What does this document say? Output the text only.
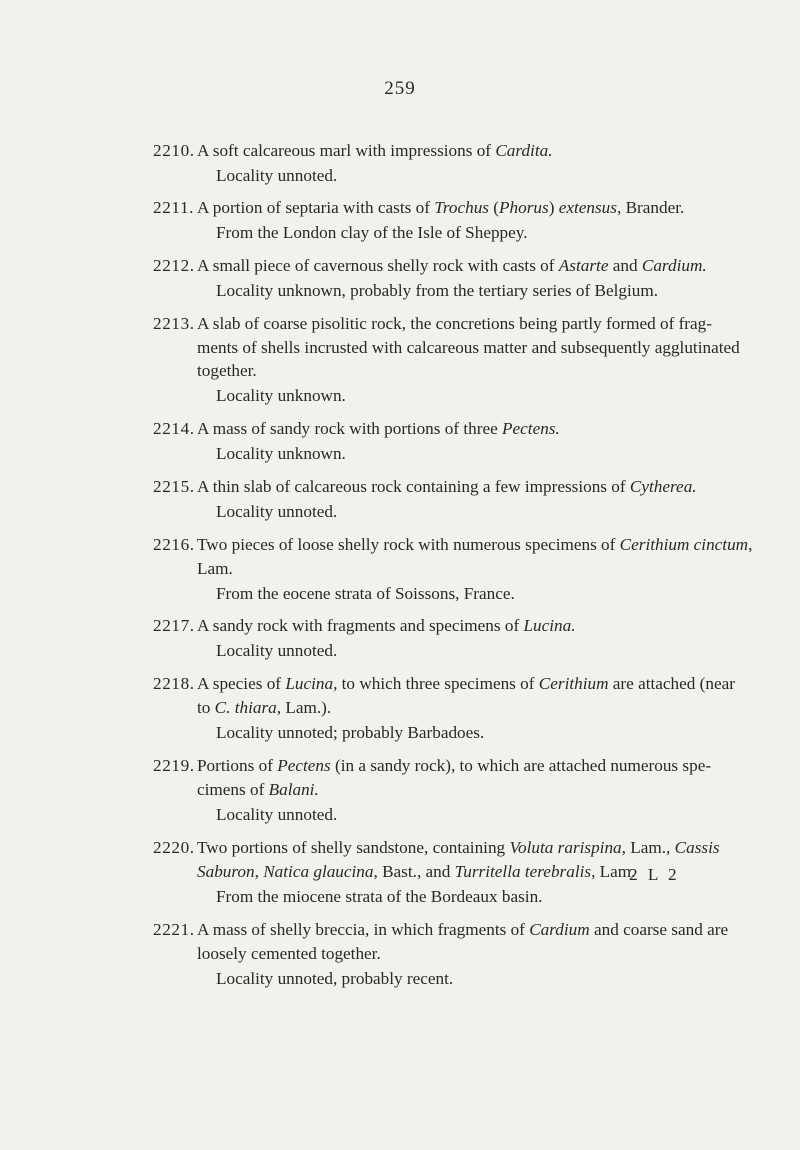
259
2210. A soft calcareous marl with impressions of Cardita.
Locality unnoted.
2211. A portion of septaria with casts of Trochus (Phorus) extensus, Brander.
From the London clay of the Isle of Sheppey.
2212. A small piece of cavernous shelly rock with casts of Astarte and Cardium.
Locality unknown, probably from the tertiary series of Belgium.
2213. A slab of coarse pisolitic rock, the concretions being partly formed of frag-
ments of shells incrusted with calcareous matter and subsequently agglutinated
together.
Locality unknown.
2214. A mass of sandy rock with portions of three Pectens.
Locality unknown.
2215. A thin slab of calcareous rock containing a few impressions of Cytherea.
Locality unnoted.
2216. Two pieces of loose shelly rock with numerous specimens of Cerithium cinctum,
Lam.
From the eocene strata of Soissons, France.
2217. A sandy rock with fragments and specimens of Lucina.
Locality unnoted.
2218. A species of Lucina, to which three specimens of Cerithium are attached (near
to C. thiara, Lam.).
Locality unnoted; probably Barbadoes.
2219. Portions of Pectens (in a sandy rock), to which are attached numerous spe-
cimens of Balani.
Locality unnoted.
2220. Two portions of shelly sandstone, containing Voluta rarispina, Lam., Cassis
Saburon, Natica glaucina, Bast., and Turritella terebralis, Lam.
From the miocene strata of the Bordeaux basin.
2221. A mass of shelly breccia, in which fragments of Cardium and coarse sand are
loosely cemented together.
Locality unnoted, probably recent.
2 L 2
